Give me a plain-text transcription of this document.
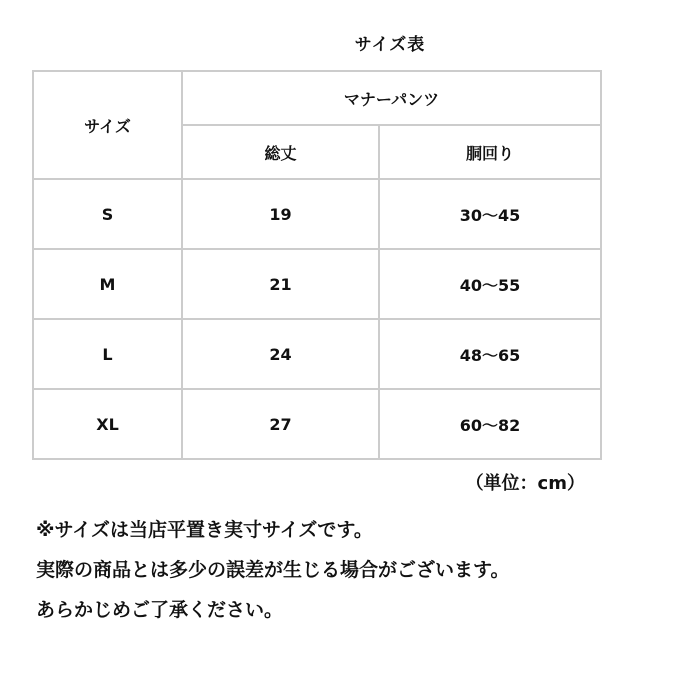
サイズ表
サイズ	マナーパンツ	
	総丈	胴回り
S	19	30〜45
M	21	40〜55
L	24	48〜65
XL	27	60〜82
（単位：cm）
※サイズは当店平置き実寸サイズです。
実際の商品とは多少の誤差が生じる場合がございます。
あらかじめご了承ください。
